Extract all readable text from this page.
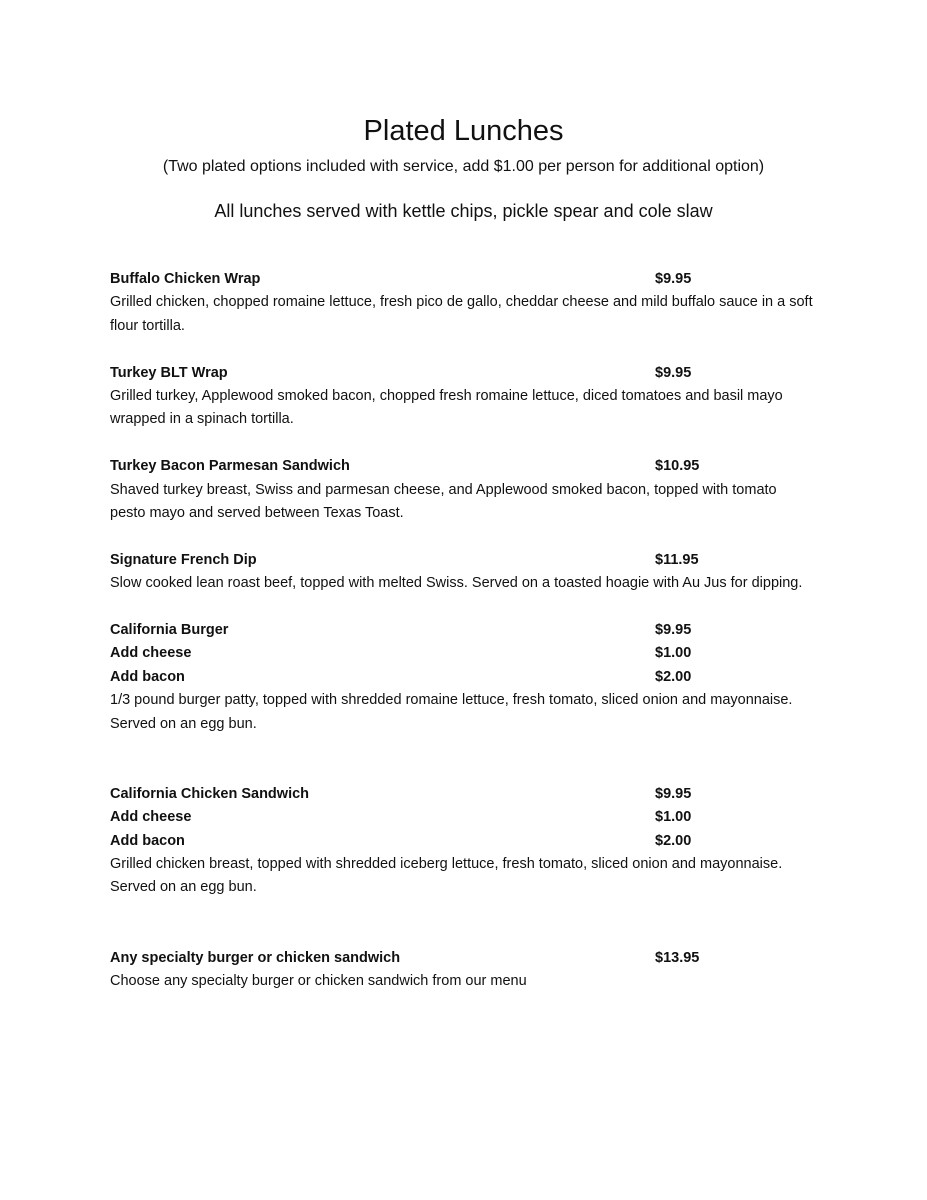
Plated Lunches
(Two plated options included with service, add $1.00 per person for additional option)
All lunches served with kettle chips, pickle spear and cole slaw
Buffalo Chicken Wrap	$9.95
Grilled chicken, chopped romaine lettuce, fresh pico de gallo, cheddar cheese and mild buffalo sauce in a soft flour tortilla.
Turkey BLT Wrap	$9.95
Grilled turkey, Applewood smoked bacon, chopped fresh romaine lettuce, diced tomatoes and basil mayo wrapped in a spinach tortilla.
Turkey Bacon Parmesan Sandwich	$10.95
Shaved turkey breast, Swiss and parmesan cheese, and Applewood smoked bacon, topped with tomato pesto mayo and served between Texas Toast.
Signature French Dip	$11.95
Slow cooked lean roast beef, topped with melted Swiss. Served on a toasted hoagie with Au Jus for dipping.
California Burger	$9.95
Add cheese	$1.00
Add bacon	$2.00
1/3 pound burger patty, topped with shredded romaine lettuce, fresh tomato, sliced onion and mayonnaise. Served on an egg bun.
California Chicken Sandwich	$9.95
Add cheese	$1.00
Add bacon	$2.00
Grilled chicken breast, topped with shredded iceberg lettuce, fresh tomato, sliced onion and mayonnaise. Served on an egg bun.
Any specialty burger or chicken sandwich	$13.95
Choose any specialty burger or chicken sandwich from our menu
